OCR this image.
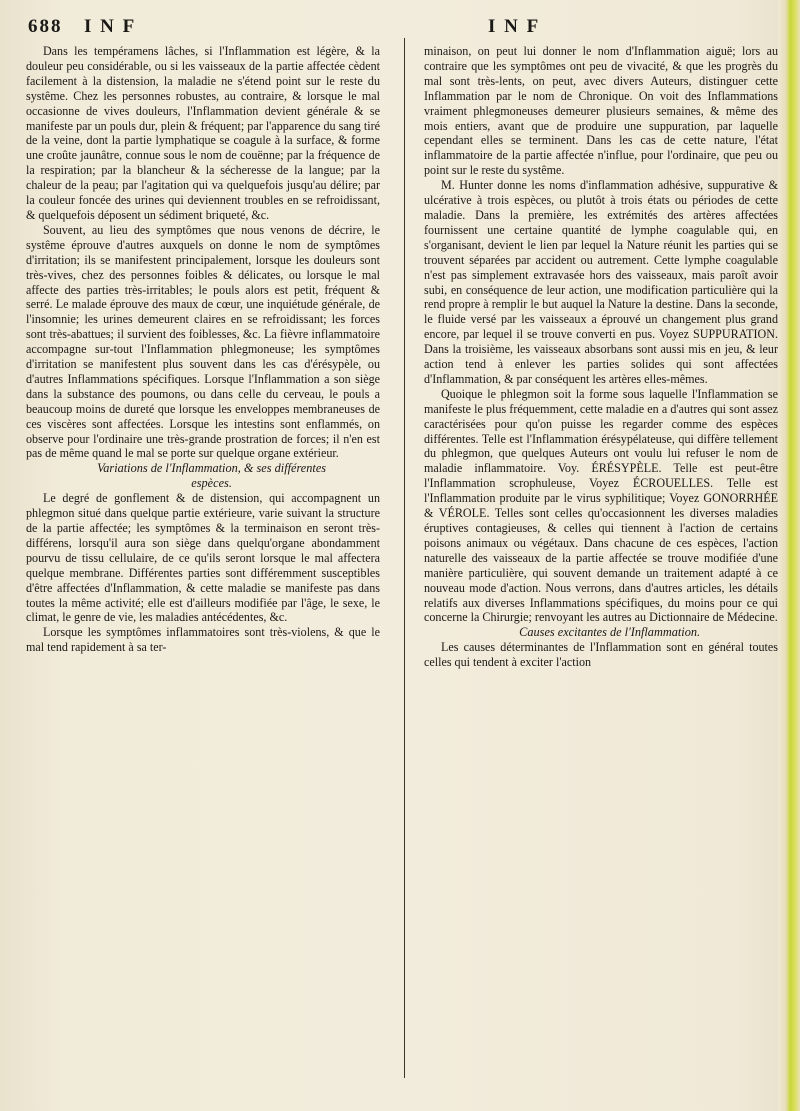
688 I N F	I N F

Dans les tempéramens lâches, si l'Inflammation est légère, & la douleur peu considérable, ou si les vaisseaux de la partie affectée cèdent facilement à la distension, la maladie ne s'étend point sur le reste du systême. Chez les personnes robustes, au contraire, & lorsque le mal occasionne de vives douleurs, l'Inflammation devient générale & se manifeste par un pouls dur, plein & fréquent; par l'apparence du sang tiré de la veine, dont la partie lymphatique se coagule à la surface, & forme une croûte jaunâtre, connue sous le nom de couënne; par la fréquence de la respiration; par la blancheur & la sécheresse de la langue; par la chaleur de la peau; par l'agitation qui va quelquefois jusqu'au délire; par la couleur foncée des urines qui deviennent troubles en se refroidissant, & quelquefois déposent un sédiment briqueté, &c.

Souvent, au lieu des symptômes que nous venons de décrire, le systême éprouve d'autres auxquels on donne le nom de symptômes d'irritation; ils se manifestent principalement, lorsque les douleurs sont très-vives, chez des personnes foibles & délicates, ou lorsque le mal affecte des parties très-irritables; le pouls alors est petit, fréquent & serré. Le malade éprouve des maux de cœur, une inquiétude générale, de l'insomnie; les urines demeurent claires en se refroidissant; les forces sont très-abattues; il survient des foiblesses, &c. La fièvre inflammatoire accompagne sur-tout l'Inflammation phlegmoneuse; les symptômes d'irritation se manifestent plus souvent dans les cas d'érésypèle, ou d'autres Inflammations spécifiques. Lorsque l'Inflammation a son siège dans la substance des poumons, ou dans celle du cerveau, le pouls a beaucoup moins de dureté que lorsque les enveloppes membraneuses de ces viscères sont affectées. Lorsque les intestins sont enflammés, on observe pour l'ordinaire une très-grande prostration de forces; il n'en est pas de même quand le mal se porte sur quelque organe extérieur.

Variations de l'Inflammation, & ses différentes

espèces.

Le degré de gonflement & de distension, qui accompagnent un phlegmon situé dans quelque partie extérieure, varie suivant la structure de la partie affectée; les symptômes & la terminaison en seront très-différens, lorsqu'il aura son siège dans quelqu'organe abondamment pourvu de tissu cellulaire, de ce qu'ils seront lorsque le mal affectera quelque membrane. Différentes parties sont différemment susceptibles d'être affectées d'Inflammation, & cette maladie se manifeste pas dans toutes la même activité; elle est d'ailleurs modifiée par l'âge, le sexe, le climat, le genre de vie, les maladies antécédentes, &c.

Lorsque les symptômes inflammatoires sont très-violens, & que le mal tend rapidement à sa ter-

minaison, on peut lui donner le nom d'Inflammation aiguë; lors au contraire que les symptômes ont peu de vivacité, & que les progrès du mal sont très-lents, on peut, avec divers Auteurs, distinguer cette Inflammation par le nom de Chronique. On voit des Inflammations vraiment phlegmoneuses demeurer plusieurs semaines, & même des mois entiers, avant que de produire une suppuration, par laquelle cependant elles se terminent. Dans les cas de cette nature, l'état inflammatoire de la partie affectée n'influe, pour l'ordinaire, que peu ou point sur le reste du systême.

M. Hunter donne les noms d'inflammation adhésive, suppurative & ulcérative à trois espèces, ou plutôt à trois états ou périodes de cette maladie. Dans la première, les extrémités des artères affectées fournissent une certaine quantité de lymphe coagulable qui, en s'organisant, devient le lien par lequel la Nature réunit les parties qui se trouvent séparées par accident ou autrement. Cette lymphe coagulable n'est pas simplement extravasée hors des vaisseaux, mais paroît avoir subi, en conséquence de leur action, une modification particulière qui la rend propre à remplir le but auquel la Nature la destine. Dans la seconde, le fluide versé par les vaisseaux a éprouvé un changement plus grand encore, par lequel il se trouve converti en pus. Voyez SUPPURATION. Dans la troisième, les vaisseaux absorbans sont aussi mis en jeu, & leur action tend à enlever les parties solides qui sont affectées d'Inflammation, & par conséquent les artères elles-mêmes.

Quoique le phlegmon soit la forme sous laquelle l'Inflammation se manifeste le plus fréquemment, cette maladie en a d'autres qui sont assez caractérisées pour qu'on puisse les regarder comme des espèces différentes. Telle est l'Inflammation érésypélateuse, qui diffère tellement du phlegmon, que quelques Auteurs ont voulu lui refuser le nom de maladie inflammatoire. Voy. ÉRÉSYPÈLE. Telle est peut-être l'Inflammation scrophuleuse, Voyez ÉCROUELLES. Telle est l'Inflammation produite par le virus syphilitique; Voyez GONORRHÉE & VÉROLE. Telles sont celles qu'occasionnent les diverses maladies éruptives contagieuses, & celles qui tiennent à l'action de certains poisons animaux ou végétaux. Dans chacune de ces espèces, l'action naturelle des vaisseaux de la partie affectée se trouve modifiée d'une manière particulière, qui souvent demande un traitement adapté à ce nouveau mode d'action. Nous verrons, dans d'autres articles, les détails relatifs aux diverses Inflammations spécifiques, du moins pour ce qui concerne la Chirurgie; renvoyant les autres au Dictionnaire de Médecine.

Causes excitantes de l'Inflammation.

Les causes déterminantes de l'Inflammation sont en général toutes celles qui tendent à exciter l'action
